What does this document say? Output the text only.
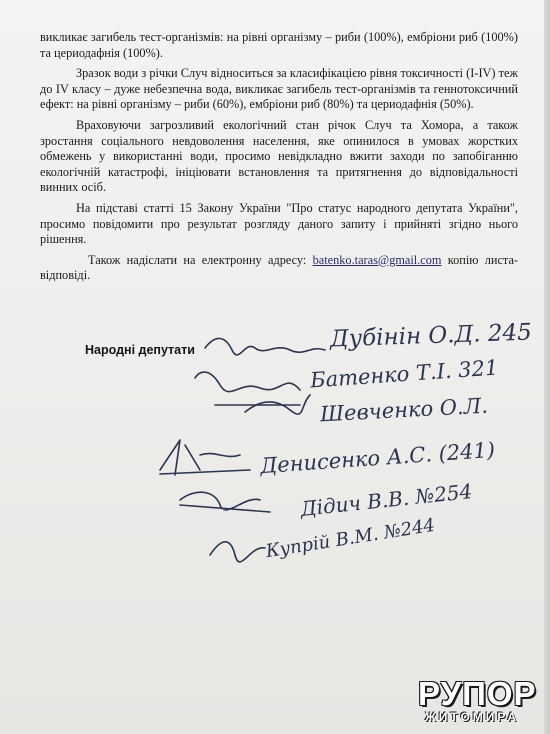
викликає загибель тест-організмів: на рівні організму – риби (100%), ембріони риб (100%) та цериодафнія (100%).

Зразок води з річки Случ відноситься за класифікацією рівня токсичності (I-IV) теж до IV класу – дуже небезпечна вода, викликає загибель тест-організмів та геннотоксичний ефект: на рівні організму – риби (60%), ембріони риб (80%) та цериодафнія (50%).

Враховуючи загрозливий екологічний стан річок Случ та Хомора, а також зростання соціального невдоволення населення, яке опинилося в умовах жорстких обмежень у використанні води, просимо невідкладно вжити заходи по запобіганню екологічній катастрофі, ініціювати встановлення та притягнення до відповідальності винних осіб.

На підставі статті 15 Закону України "Про статус народного депутата України", просимо повідомити про результат розгляду даного запиту і прийняті згідно нього рішення.

Також надіслати на електронну адресу: batenko.taras@gmail.com копію листа-відповіді.

Народні депутати	Дубінін О.Д. 245
Батенко Т.І. 321
Шевченко О.Л.
Денисенко А.С. (241)
Дідич В.В. №254
Купрій В.М. №244
РУПОР
ЖИТОМИРА
